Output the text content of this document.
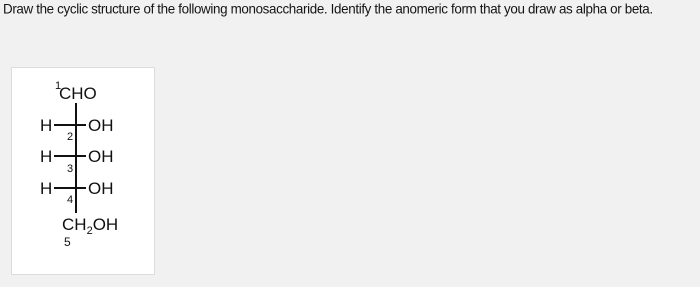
Draw the cyclic structure of the following monosaccharide. Identify the anomeric form that you draw as alpha or beta.
1
CHO
H OH
2
H OH
3
H OH
4
$CH_2OH$
5
